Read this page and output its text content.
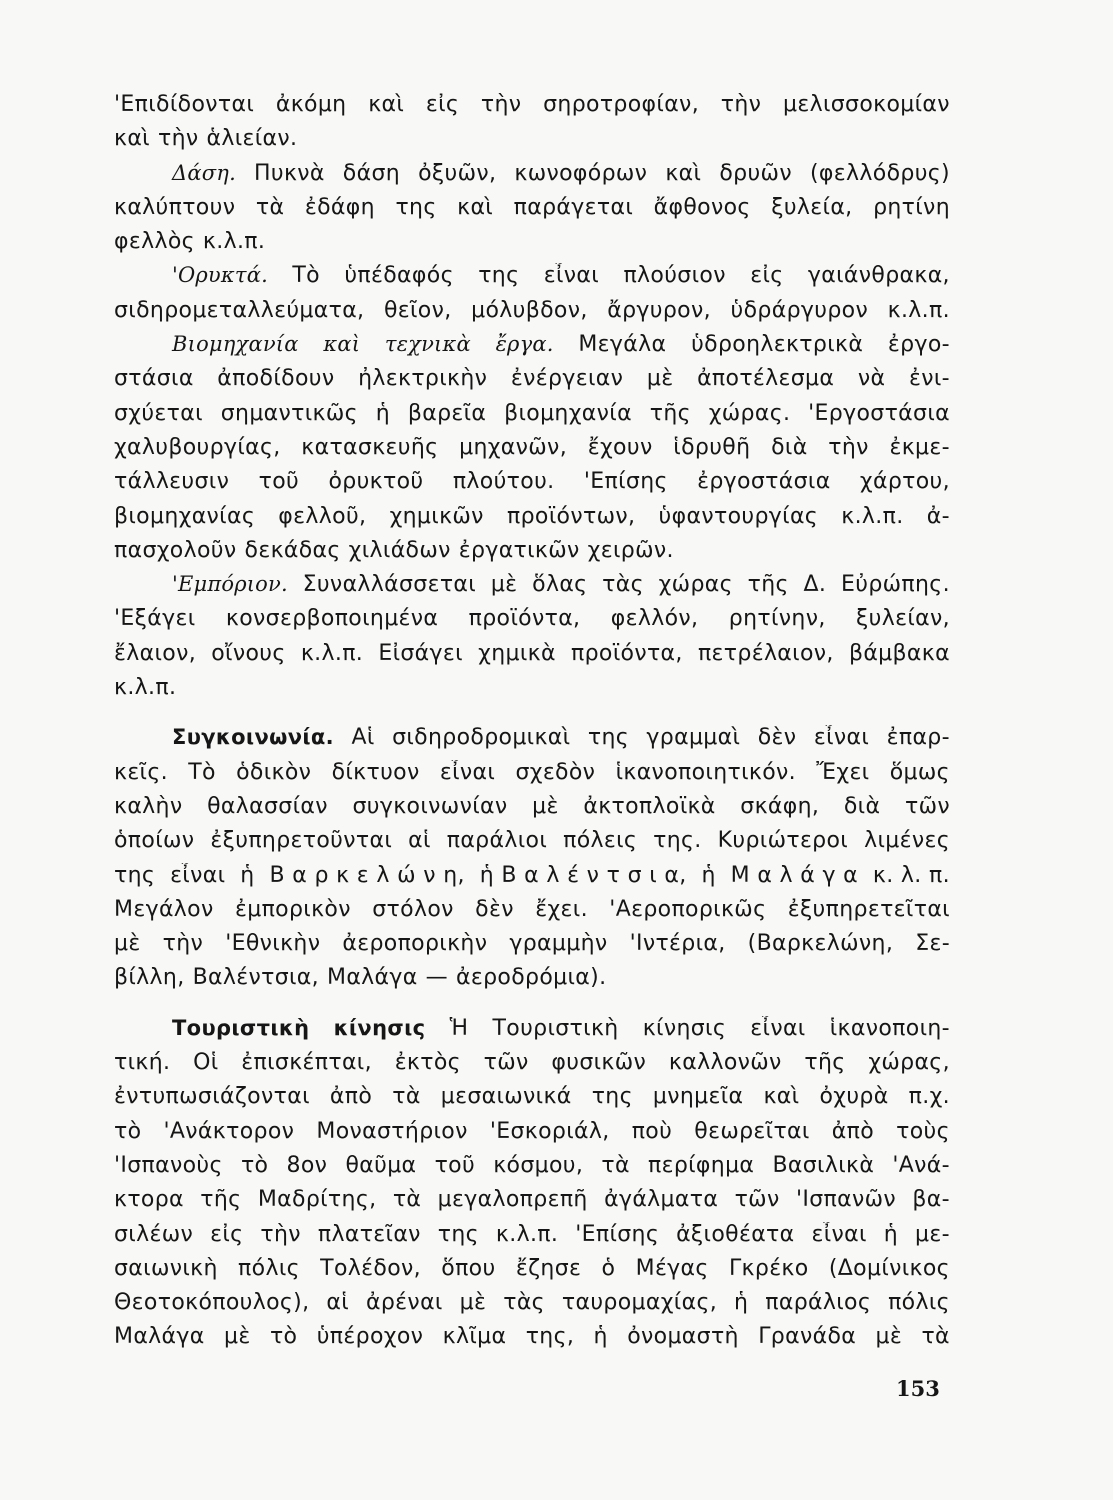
'Επιδίδονται ἀκόμη καὶ εἰς τὴν σηροτροφίαν, τὴν μελισσοκομίαν
καὶ τὴν ἁλιείαν.
Δάση. Πυκνὰ δάση ὀξυῶν, κωνοφόρων καὶ δρυῶν (φελλόδρυς)
καλύπτουν τὰ ἐδάφη της καὶ παράγεται ἄφθονος ξυλεία, ρητίνη
φελλὸς κ.λ.π.
'Ορυκτά. Τὸ ὑπέδαφός της εἶναι πλούσιον εἰς γαιάνθρακα,
σιδηρομεταλλεύματα, θεῖον, μόλυβδον, ἄργυρον, ὑδράργυρον κ.λ.π.
Βιομηχανία καὶ τεχνικὰ ἔργα. Μεγάλα ὑδροηλεκτρικὰ ἐργο-
στάσια ἀποδίδουν ἠλεκτρικὴν ἐνέργειαν μὲ ἀποτέλεσμα νὰ ἐνι-
σχύεται σημαντικῶς ἡ βαρεῖα βιομηχανία τῆς χώρας. 'Εργοστάσια
χαλυβουργίας, κατασκευῆς μηχανῶν, ἔχουν ἱδρυθῆ διὰ τὴν ἐκμε-
τάλλευσιν τοῦ ὀρυκτοῦ πλούτου. 'Επίσης ἐργοστάσια χάρτου,
βιομηχανίας φελλοῦ, χημικῶν προϊόντων, ὑφαντουργίας κ.λ.π. ἀ-
πασχολοῦν δεκάδας χιλιάδων ἐργατικῶν χειρῶν.
'Εμπόριον. Συναλλάσσεται μὲ ὅλας τὰς χώρας τῆς Δ. Εὐρώπης.
'Εξάγει κονσερβοποιημένα προϊόντα, φελλόν, ρητίνην, ξυλείαν,
ἔλαιον, οἴνους κ.λ.π. Εἰσάγει χημικὰ προϊόντα, πετρέλαιον, βάμβακα
κ.λ.π.
Συγκοινωνία. Αἱ σιδηροδρομικαὶ της γραμμαὶ δὲν εἶναι ἐπαρ-
κεῖς. Τὸ ὁδικὸν δίκτυον εἶναι σχεδὸν ἱκανοποιητικόν. Ἔχει ὅμως
καλὴν θαλασσίαν συγκοινωνίαν μὲ ἀκτοπλοϊκὰ σκάφη, διὰ τῶν
ὁποίων ἐξυπηρετοῦνται αἱ παράλιοι πόλεις της. Κυριώτεροι λιμένες
της εἶναι ἡ Β α ρ κ ε λ ώ ν η, ἡ Β α λ έ ν τ σ ι α, ἡ Μ α λ ά γ α κ. λ. π.
Μεγάλον ἐμπορικὸν στόλον δὲν ἔχει. 'Αεροπορικῶς ἐξυπηρετεῖται
μὲ τὴν 'Εθνικὴν ἀεροπορικὴν γραμμὴν 'Ιντέρια, (Βαρκελώνη, Σε-
βίλλη, Βαλέντσια, Μαλάγα — ἀεροδρόμια).
Τουριστικὴ κίνησις Ἡ Τουριστικὴ κίνησις εἶναι ἱκανοποιη-
τική. Οἱ ἐπισκέπται, ἐκτὸς τῶν φυσικῶν καλλονῶν τῆς χώρας,
ἐντυπωσιάζονται ἀπὸ τὰ μεσαιωνικά της μνημεῖα καὶ ὀχυρὰ π.χ.
τὸ 'Ανάκτορον Μοναστήριον 'Εσκοριάλ, ποὺ θεωρεῖται ἀπὸ τοὺς
'Ισπανοὺς τὸ 8ον θαῦμα τοῦ κόσμου, τὰ περίφημα Βασιλικὰ 'Ανά-
κτορα τῆς Μαδρίτης, τὰ μεγαλοπρεπῆ ἀγάλματα τῶν 'Ισπανῶν βα-
σιλέων εἰς τὴν πλατεῖαν της κ.λ.π. 'Επίσης ἀξιοθέατα εἶναι ἡ με-
σαιωνικὴ πόλις Τολέδον, ὅπου ἔζησε ὁ Μέγας Γκρέκο (Δομίνικος
Θεοτοκόπουλος), αἱ ἀρέναι μὲ τὰς ταυρομαχίας, ἡ παράλιος πόλις
Μαλάγα μὲ τὸ ὑπέροχον κλῖμα της, ἡ ὀνομαστὴ Γρανάδα μὲ τὰ
153
